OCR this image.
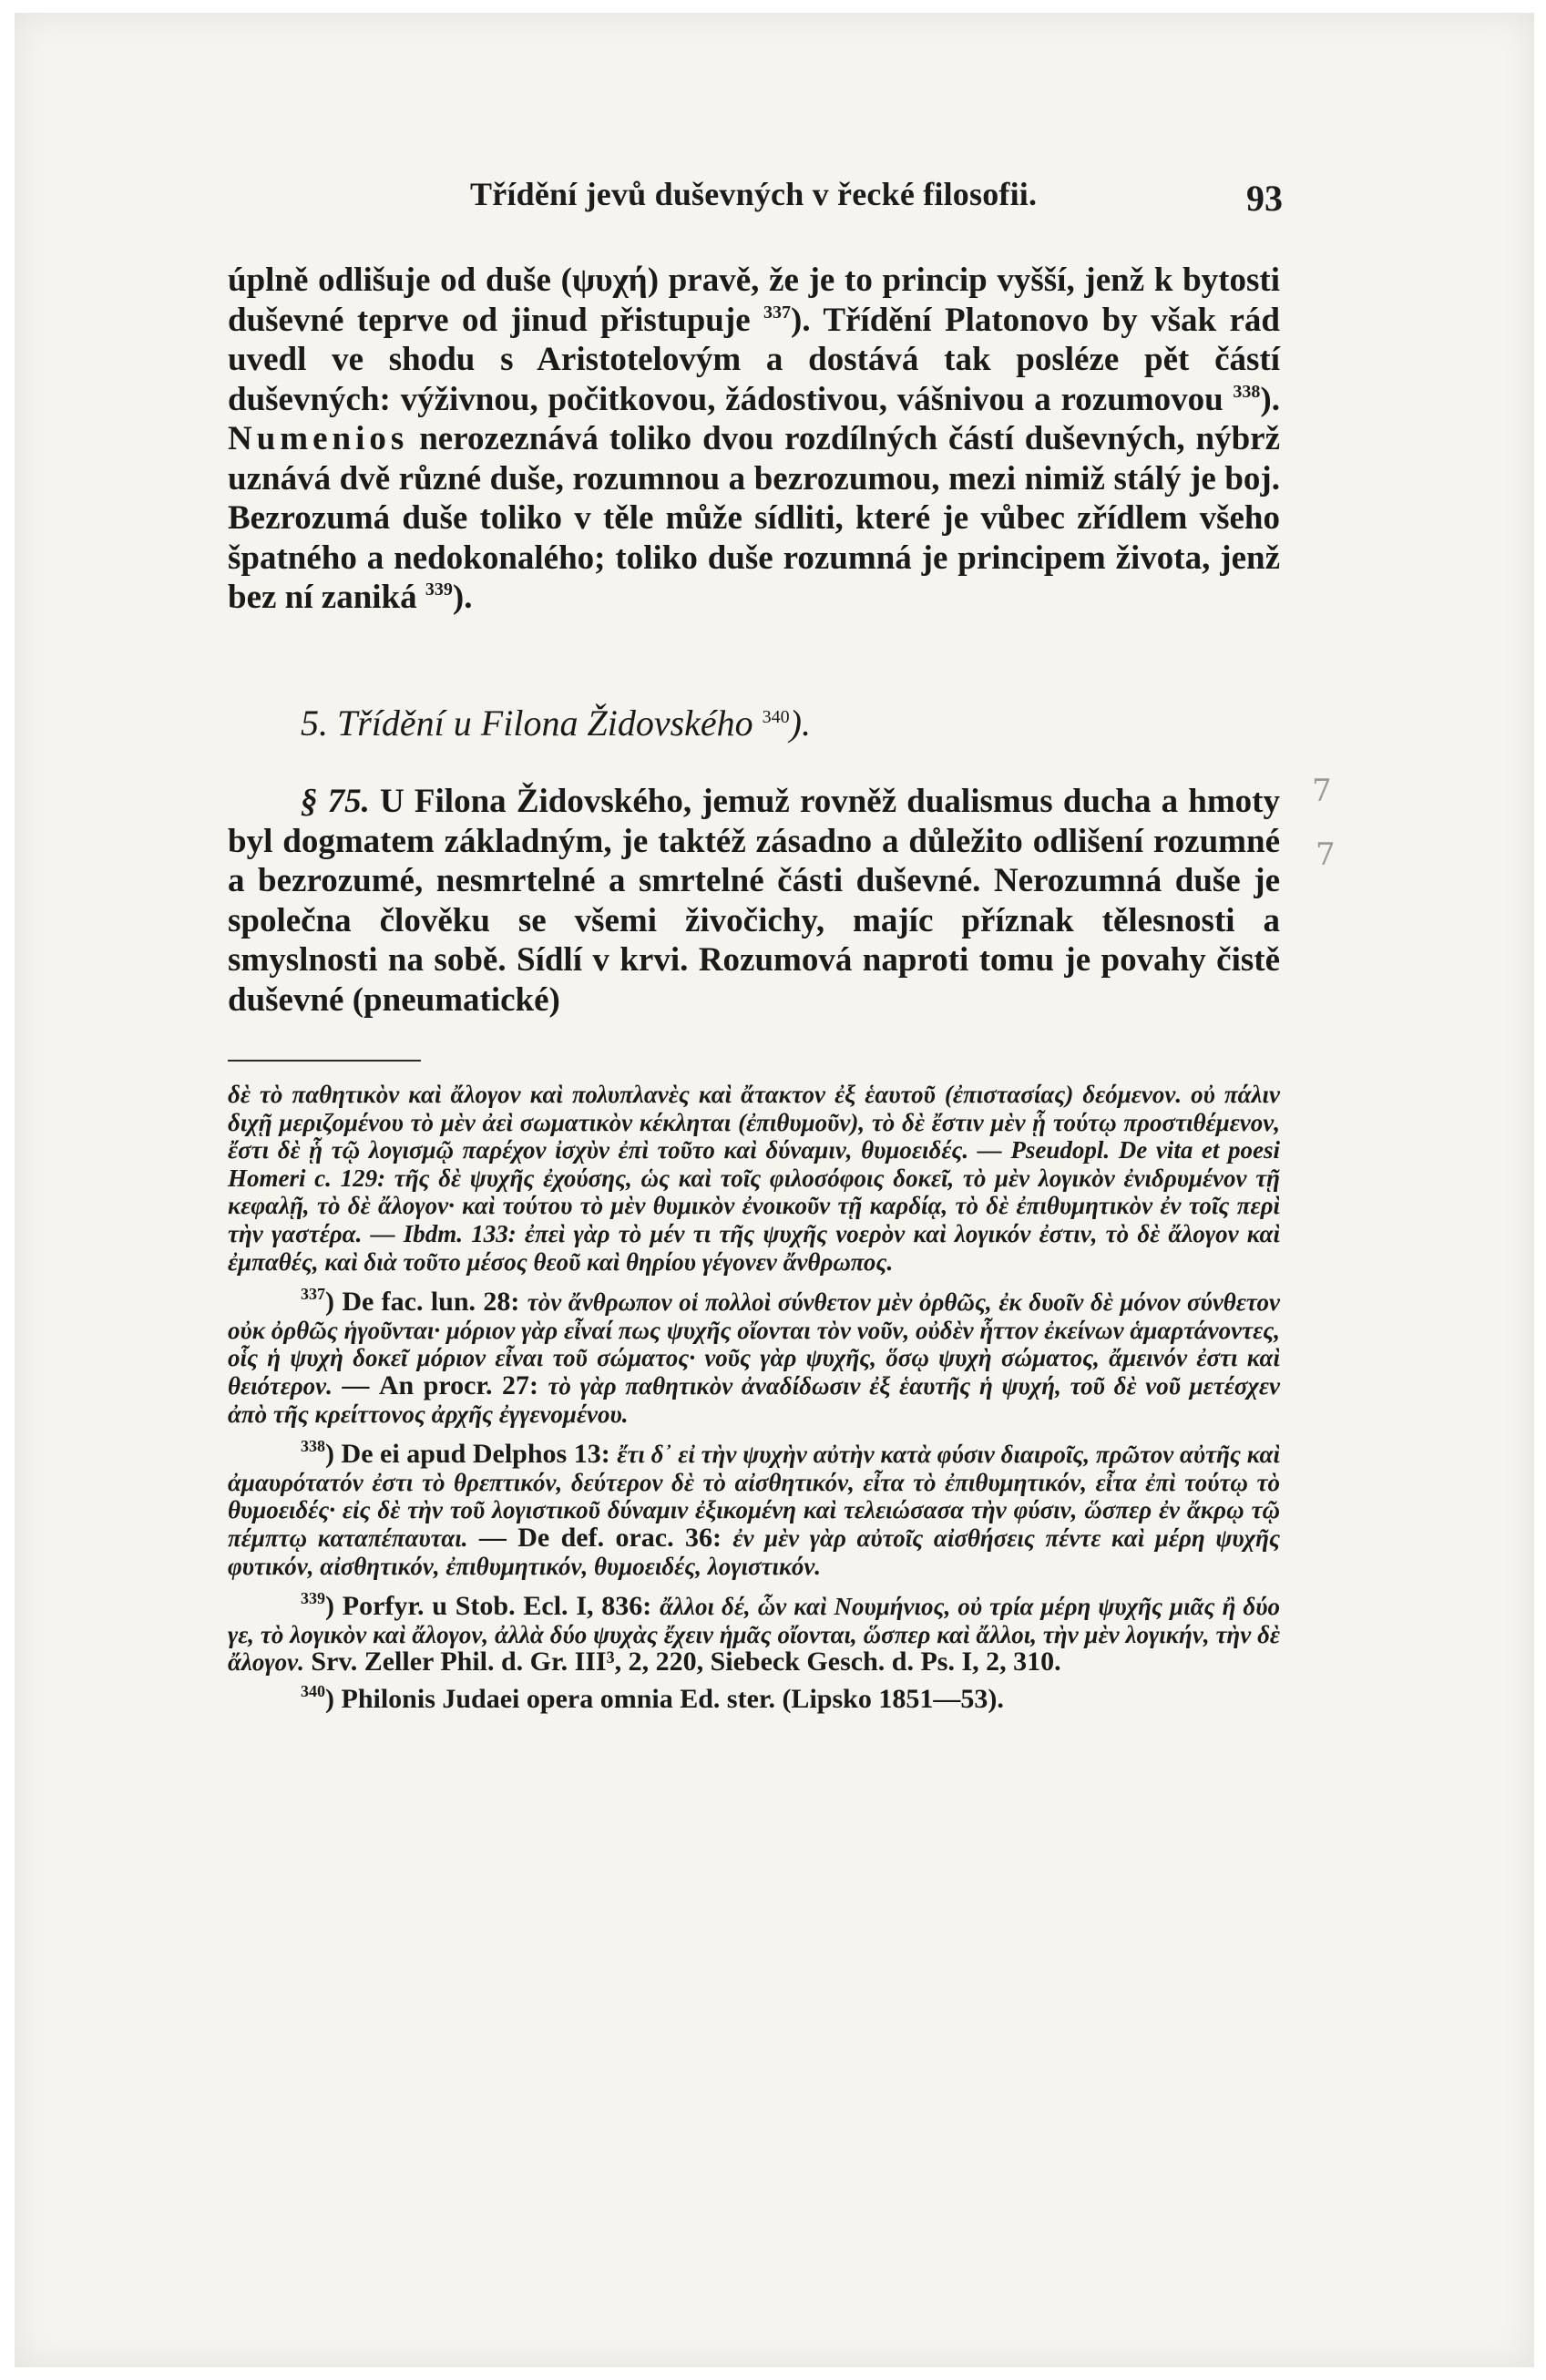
Třídění jevů duševných v řecké filosofii.	93

úplně odlišuje od duše (ψυχή) pravě, že je to princip vyšší, jenž k bytosti duševné teprve od jinud přistupuje $^{337}$). Třídění Platonovo by však rád uvedl ve shodu s Aristotelovým a dostává tak posléze pět částí duševných: výživnou, počitkovou, žádostivou, vášnivou a rozumovou $^{338}$). Numenios nerozeznává toliko dvou rozdílných částí duševných, nýbrž uznává dvě různé duše, rozumnou a bezrozumou, mezi nimiž stálý je boj. Bezrozumá duše toliko v těle může sídliti, které je vůbec zřídlem všeho špatného a nedokonalého; toliko duše rozumná je principem života, jenž bez ní zaniká $^{339}$).

5. Třídění u Filona Židovského $^{340}$).

§ 75. U Filona Židovského, jemuž rovněž dualismus ducha a hmoty byl dogmatem základným, je taktéž zásadno a důležito odlišení rozumné a bezrozumé, nesmrtelné a smrtelné části duševné. Nerozumná duše je společna člověku se všemi živočichy, majíc příznak tělesnosti a smyslnosti na sobě. Sídlí v krvi. Rozumová naproti tomu je povahy čistě duševné (pneumatické)

δὲ τὸ παθητικὸν καὶ ἄλογον καὶ πολυπλανὲς καὶ ἄτακτον ἐξ ἑαυτοῦ (ἐπιστασίας) δεόμενον. οὐ πάλιν διχῇ μεριζομένου τὸ μὲν ἀεὶ σωματικὸν κέκληται (ἐπιθυμοῦν), τὸ δὲ ἔστιν μὲν ᾗ τούτῳ προστιθέμενον, ἔστι δὲ ᾗ τῷ λογισμῷ παρέχον ἰσχὺν ἐπὶ τοῦτο καὶ δύναμιν, θυμοειδές. — Pseudopl. De vita et poesi Homeri c. 129: τῆς δὲ ψυχῆς ἐχούσης, ὡς καὶ τοῖς φιλοσόφοις δοκεῖ, τὸ μὲν λογικὸν ἐνιδρυμένον τῇ κεφαλῇ, τὸ δὲ ἄλογον· καὶ τούτου τὸ μὲν θυμικὸν ἐνοικοῦν τῇ καρδίᾳ, τὸ δὲ ἐπιθυμητικὸν ἐν τοῖς περὶ τὴν γαστέρα. — Ibdm. 133: ἐπεὶ γὰρ τὸ μέν τι τῆς ψυχῆς νοερὸν καὶ λογικόν ἐστιν, τὸ δὲ ἄλογον καὶ ἐμπαθές, καὶ διὰ τοῦτο μέσος θεοῦ καὶ θηρίου γέγονεν ἄνθρωπος.

$^{337}$) De fac. lun. 28: τὸν ἄνθρωπον οἱ πολλοὶ σύνθετον μὲν ὀρθῶς, ἐκ δυοῖν δὲ μόνον σύνθετον οὐκ ὀρθῶς ἡγοῦνται· μόριον γὰρ εἶναί πως ψυχῆς οἴονται τὸν νοῦν, οὐδὲν ἧττον ἐκείνων ἁμαρτάνοντες, οἷς ἡ ψυχὴ δοκεῖ μόριον εἶναι τοῦ σώματος· νοῦς γὰρ ψυχῆς, ὅσῳ ψυχὴ σώματος, ἄμεινόν ἐστι καὶ θειότερον. — An procr. 27: τὸ γὰρ παθητικὸν ἀναδίδωσιν ἐξ ἑαυτῆς ἡ ψυχή, τοῦ δὲ νοῦ μετέσχεν ἀπὸ τῆς κρείττονος ἀρχῆς ἐγγενομένου.

$^{338}$) De ei apud Delphos 13: ἔτι δ᾽ εἰ τὴν ψυχὴν αὐτὴν κατὰ φύσιν διαιροῖς, πρῶτον αὐτῆς καὶ ἀμαυρότατόν ἐστι τὸ θρεπτικόν, δεύτερον δὲ τὸ αἰσθητικόν, εἶτα τὸ ἐπιθυμητικόν, εἶτα ἐπὶ τούτῳ τὸ θυμοειδές· εἰς δὲ τὴν τοῦ λογιστικοῦ δύναμιν ἐξικομένη καὶ τελειώσασα τὴν φύσιν, ὥσπερ ἐν ἄκρῳ τῷ πέμπτῳ καταπέπαυται. — De def. orac. 36: ἐν μὲν γὰρ αὐτοῖς αἰσθήσεις πέντε καὶ μέρη ψυχῆς φυτικόν, αἰσθητικόν, ἐπιθυμητικόν, θυμοειδές, λογιστικόν.

$^{339}$) Porfyr. u Stob. Ecl. I, 836: ἄλλοι δέ, ὧν καὶ Νουμήνιος, οὐ τρία μέρη ψυχῆς μιᾶς ἢ δύο γε, τὸ λογικὸν καὶ ἄλογον, ἀλλὰ δύο ψυχὰς ἔχειν ἡμᾶς οἴονται, ὥσπερ καὶ ἄλλοι, τὴν μὲν λογικήν, τὴν δὲ ἄλογον. Srv. Zeller Phil. d. Gr. III³, 2, 220, Siebeck Gesch. d. Ps. I, 2, 310.

$^{340}$) Philonis Judaei opera omnia Ed. ster. (Lipsko 1851—53).

7
7
